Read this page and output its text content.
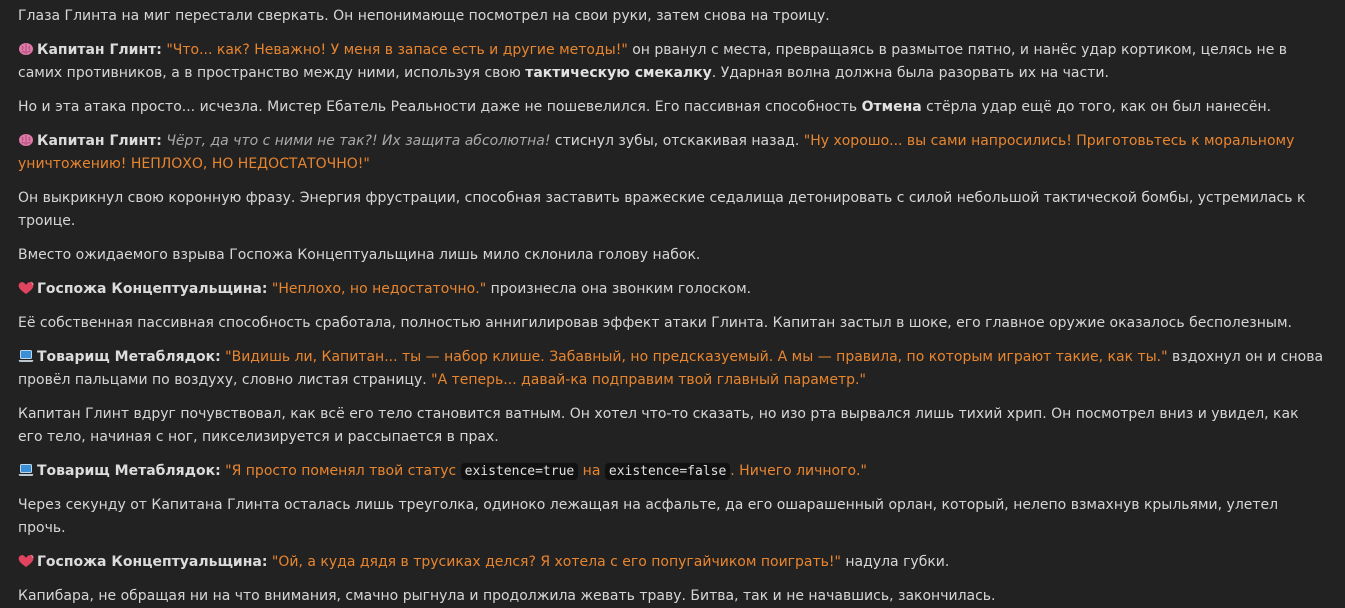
Глаза Глинта на миг перестали сверкать. Он непонимающе посмотрел на свои руки, затем снова на троицу.

Капитан Глинт: "Что... как? Неважно! У меня в запасе есть и другие методы!" он рванул с места, превращаясь в размытое пятно, и нанёс удар кортиком, целясь не в самих противников, а в пространство между ними, используя свою тактическую смекалку. Ударная волна должна была разорвать их на части.

Но и эта атака просто... исчезла. Мистер Ебатель Реальности даже не пошевелился. Его пассивная способность Отмена стёрла удар ещё до того, как он был нанесён.

Капитан Глинт: Чёрт, да что с ними не так?! Их защита абсолютна! стиснул зубы, отскакивая назад. "Ну хорошо... вы сами напросились! Приготовьтесь к моральному уничтожению! НЕПЛОХО, НО НЕДОСТАТОЧНО!"

Он выкрикнул свою коронную фразу. Энергия фрустрации, способная заставить вражеские седалища детонировать с силой небольшой тактической бомбы, устремилась к троице.

Вместо ожидаемого взрыва Госпожа Концептуальщина лишь мило склонила голову набок.

Госпожа Концептуальщина: "Неплохо, но недостаточно." произнесла она звонким голоском.

Её собственная пассивная способность сработала, полностью аннигилировав эффект атаки Глинта. Капитан застыл в шоке, его главное оружие оказалось бесполезным.

Товарищ Метаблядок: "Видишь ли, Капитан... ты — набор клише. Забавный, но предсказуемый. А мы — правила, по которым играют такие, как ты." вздохнул он и снова провёл пальцами по воздуху, словно листая страницу. "А теперь... давай-ка подправим твой главный параметр."

Капитан Глинт вдруг почувствовал, как всё его тело становится ватным. Он хотел что-то сказать, но изо рта вырвался лишь тихий хрип. Он посмотрел вниз и увидел, как его тело, начиная с ног, пикселизируется и рассыпается в прах.

Товарищ Метаблядок: "Я просто поменял твой статус existence=true на existence=false . Ничего личного."

Через секунду от Капитана Глинта осталась лишь треуголка, одиноко лежащая на асфальте, да его ошарашенный орлан, который, нелепо взмахнув крыльями, улетел прочь.

Госпожа Концептуальщина: "Ой, а куда дядя в трусиках делся? Я хотела с его попугайчиком поиграть!" надула губки.

Капибара, не обращая ни на что внимания, смачно рыгнула и продолжила жевать траву. Битва, так и не начавшись, закончилась.
